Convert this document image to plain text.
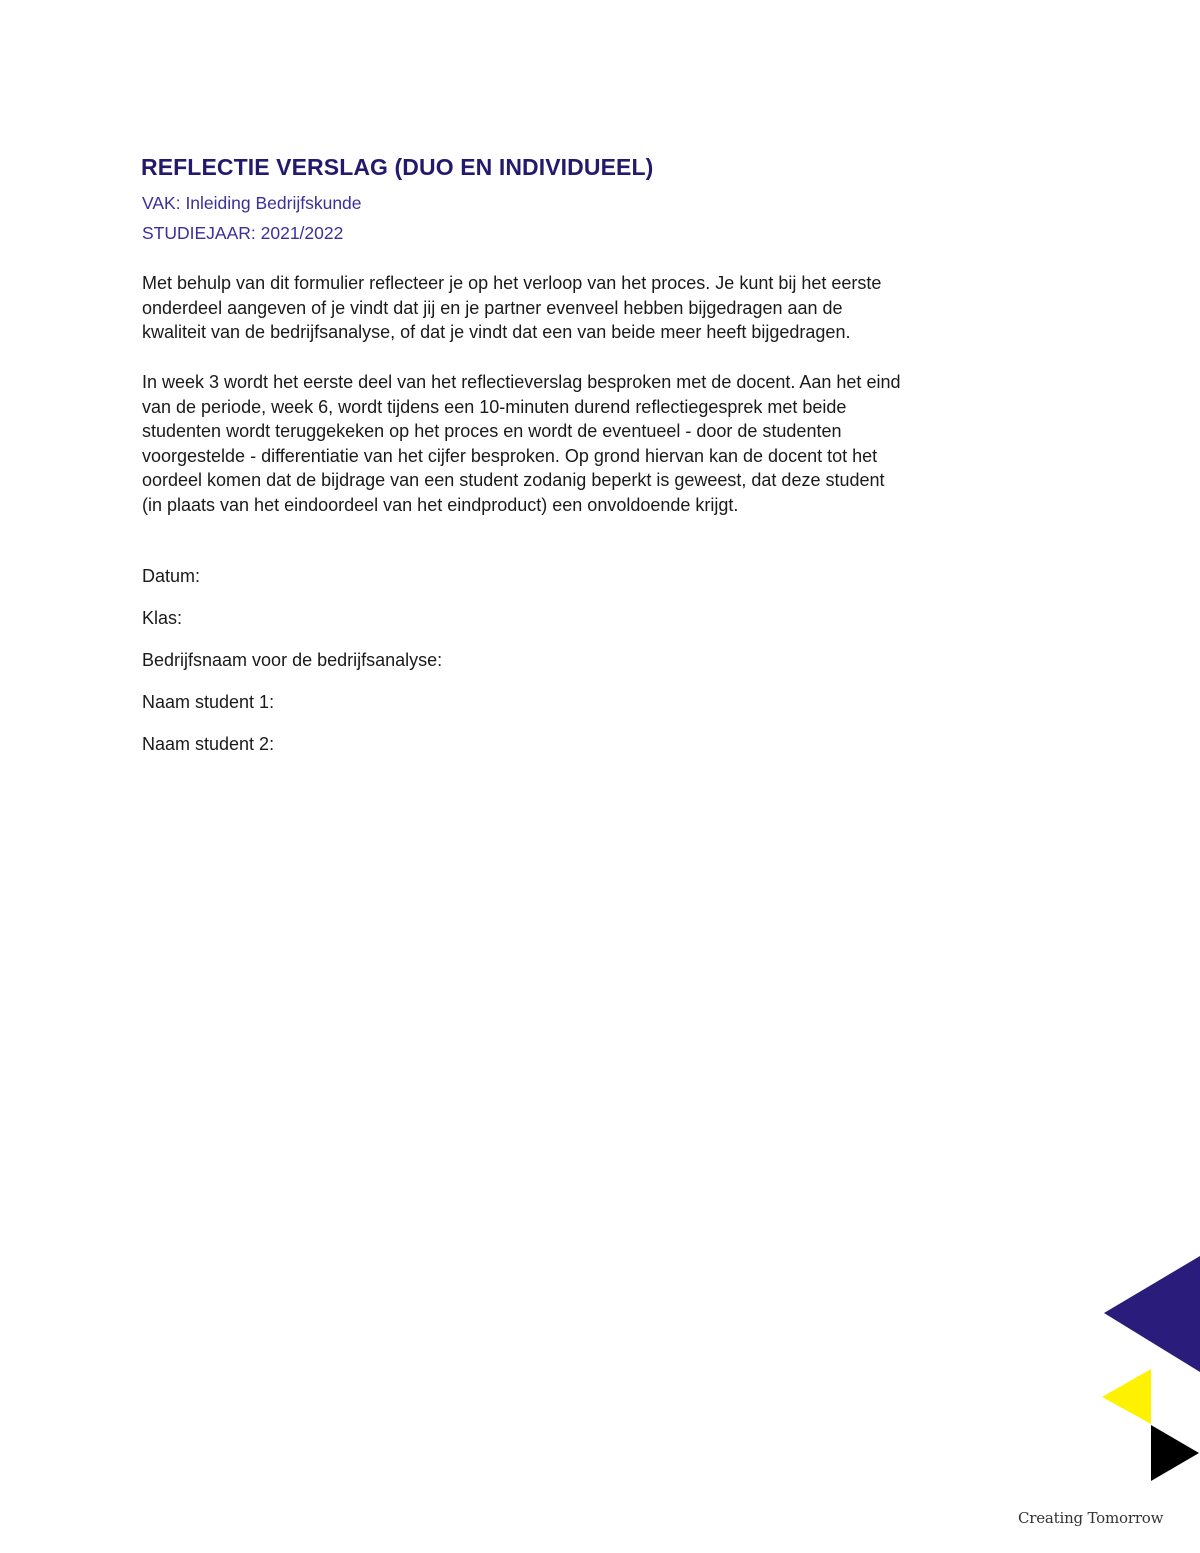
REFLECTIE VERSLAG (DUO EN INDIVIDUEEL)
VAK: Inleiding Bedrijfskunde
STUDIEJAAR: 2021/2022

Met behulp van dit formulier reflecteer je op het verloop van het proces. Je kunt bij het eerste
onderdeel aangeven of je vindt dat jij en je partner evenveel hebben bijgedragen aan de
kwaliteit van de bedrijfsanalyse, of dat je vindt dat een van beide meer heeft bijgedragen.

In week 3 wordt het eerste deel van het reflectieverslag besproken met de docent. Aan het eind
van de periode, week 6, wordt tijdens een 10-minuten durend reflectiegesprek met beide
studenten wordt teruggekeken op het proces en wordt de eventueel - door de studenten
voorgestelde - differentiatie van het cijfer besproken. Op grond hiervan kan de docent tot het
oordeel komen dat de bijdrage van een student zodanig beperkt is geweest, dat deze student
(in plaats van het eindoordeel van het eindproduct) een onvoldoende krijgt.

Datum:
Klas:
Bedrijfsnaam voor de bedrijfsanalyse:
Naam student 1:
Naam student 2:
Creating Tomorrow
